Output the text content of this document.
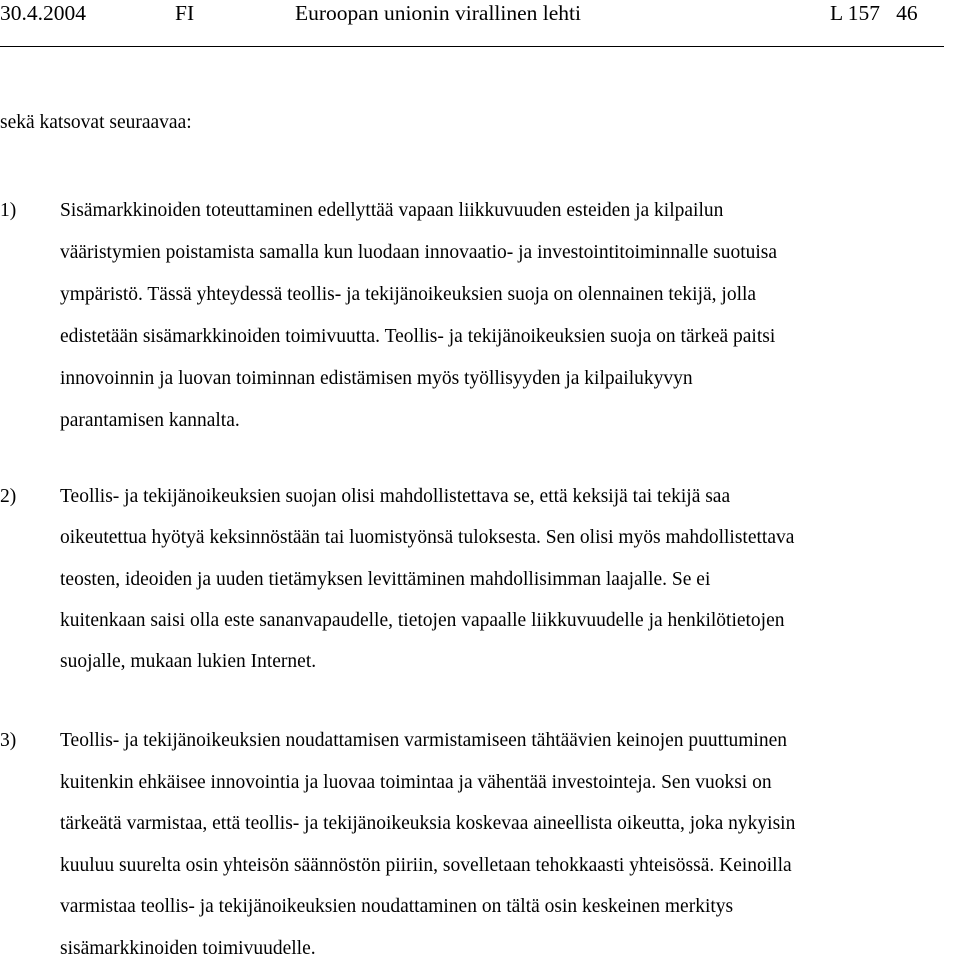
30.4.2004	FI	Euroopan unionin virallinen lehti	L 157   46
sekä katsovat seuraavaa:
1) Sisämarkkinoiden toteuttaminen edellyttää vapaan liikkuvuuden esteiden ja kilpailun
vääristymien poistamista samalla kun luodaan innovaatio- ja investointitoiminnalle suotuisa
ympäristö. Tässä yhteydessä teollis- ja tekijänoikeuksien suoja on olennainen tekijä, jolla
edistetään sisämarkkinoiden toimivuutta. Teollis- ja tekijänoikeuksien suoja on tärkeä paitsi
innovoinnin ja luovan toiminnan edistämisen myös työllisyyden ja kilpailukyvyn
parantamisen kannalta.
2) Teollis- ja tekijänoikeuksien suojan olisi mahdollistettava se, että keksijä tai tekijä saa
oikeutettua hyötyä keksinnöstään tai luomistyönsä tuloksesta. Sen olisi myös mahdollistettava
teosten, ideoiden ja uuden tietämyksen levittäminen mahdollisimman laajalle. Se ei
kuitenkaan saisi olla este sananvapaudelle, tietojen vapaalle liikkuvuudelle ja henkilötietojen
suojalle, mukaan lukien Internet.
3) Teollis- ja tekijänoikeuksien noudattamisen varmistamiseen tähtäävien keinojen puuttuminen
kuitenkin ehkäisee innovointia ja luovaa toimintaa ja vähentää investointeja. Sen vuoksi on
tärkeätä varmistaa, että teollis- ja tekijänoikeuksia koskevaa aineellista oikeutta, joka nykyisin
kuuluu suurelta osin yhteisön säännöstön piiriin, sovelletaan tehokkaasti yhteisössä. Keinoilla
varmistaa teollis- ja tekijänoikeuksien noudattaminen on tältä osin keskeinen merkitys
sisämarkkinoiden toimivuudelle.
